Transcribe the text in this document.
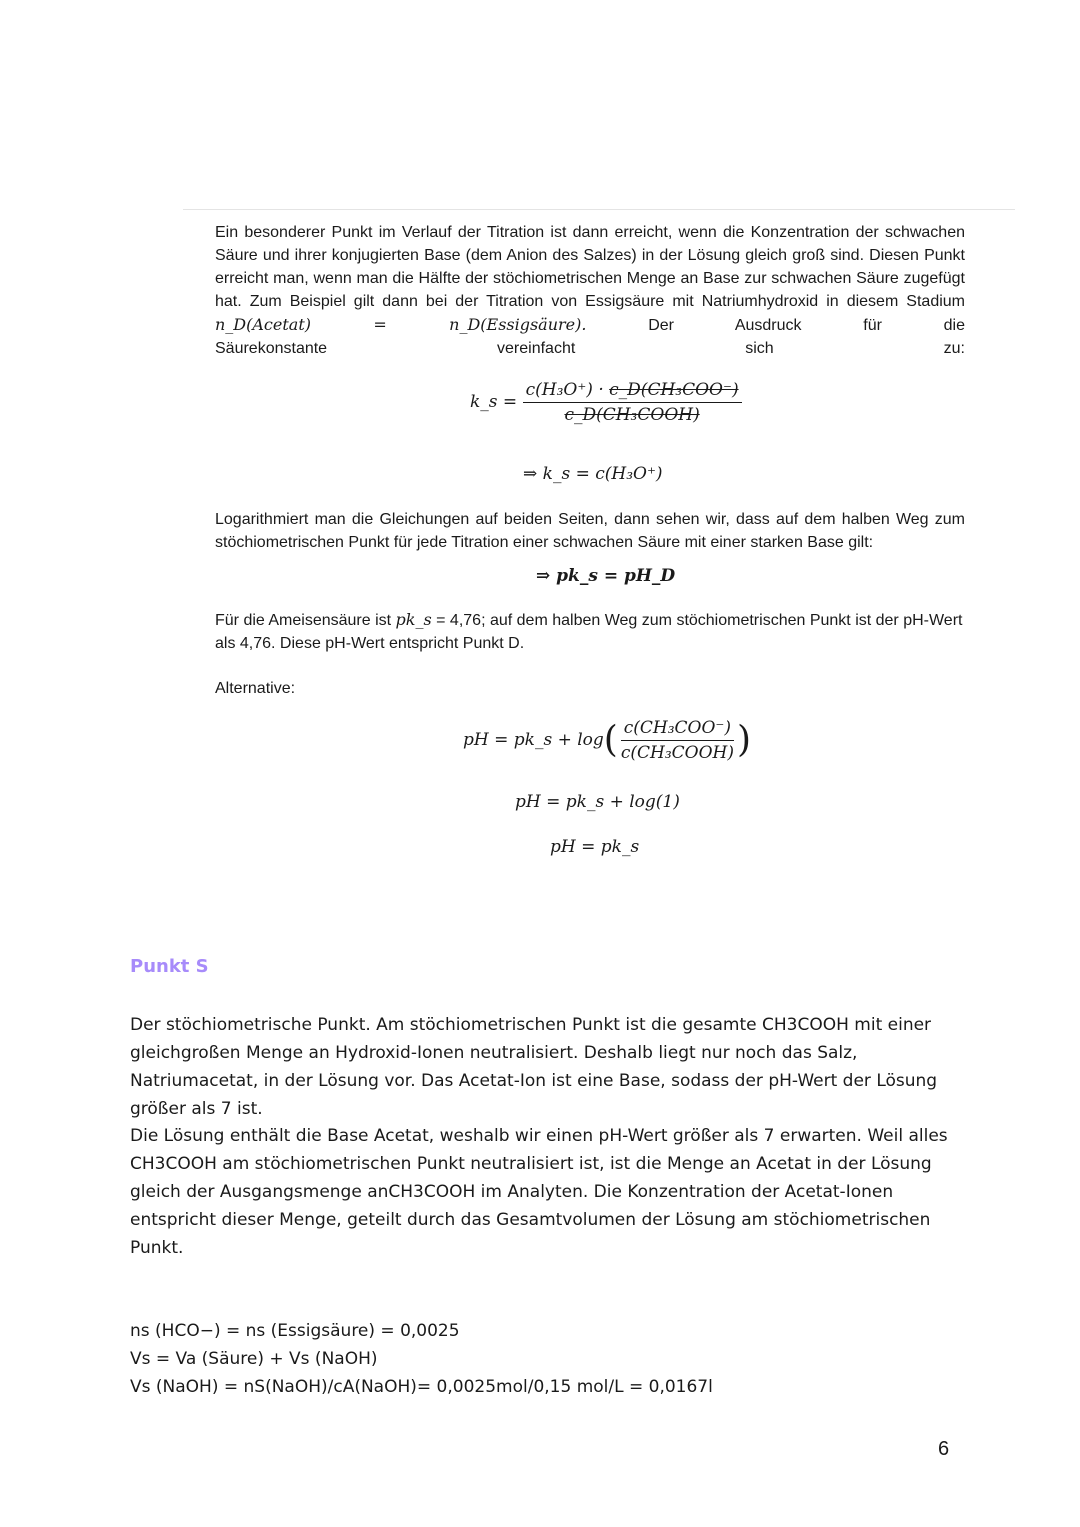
Ein besonderer Punkt im Verlauf der Titration ist dann erreicht, wenn die Konzentration der schwachen Säure und ihrer konjugierten Base (dem Anion des Salzes) in der Lösung gleich groß sind. Diesen Punkt erreicht man, wenn man die Hälfte der stöchiometrischen Menge an Base zur schwachen Säure zugefügt hat. Zum Beispiel gilt dann bei der Titration von Essigsäure mit Natriumhydroxid in diesem Stadium n_D(Acetat) = n_D(Essigsäure).	Der Ausdruck für die
Säurekonstante	vereinfacht	sich	zu:
k_s = $\frac{\text{c(H₃O⁺) · c\_D(CH₃COO⁻)}}{\text{c\_D(CH₃COOH)}}$
⇒ k_s = c(H₃O⁺)
Logarithmiert man die Gleichungen auf beiden Seiten, dann sehen wir, dass auf dem halben Weg zum stöchiometrischen Punkt für jede Titration einer schwachen Säure mit einer starken Base gilt:
⇒ pk_s = pH_D
Für die Ameisensäure ist pk_s = 4,76; auf dem halben Weg zum stöchiometrischen Punkt ist der pH-Wert als 4,76. Diese pH-Wert entspricht Punkt D.
Alternative:
pH = pk_s + $\log( \frac{\text{c(CH₃COO⁻)}}{\text{c(CH₃COOH)}}$ )
pH = pk_s + log(1)
pH = pk_s
Punkt S
Der stöchiometrische Punkt. Am stöchiometrischen Punkt ist die gesamte CH3COOH mit einer gleichgroßen Menge an Hydroxid-Ionen neutralisiert. Deshalb liegt nur noch das Salz, Natriumacetat, in der Lösung vor. Das Acetat-Ion ist eine Base, sodass der pH-Wert der Lösung größer als 7 ist.
Die Lösung enthält die Base Acetat, weshalb wir einen pH-Wert größer als 7 erwarten. Weil alles CH3COOH am stöchiometrischen Punkt neutralisiert ist, ist die Menge an Acetat in der Lösung gleich der Ausgangsmenge anCH3COOH im Analyten. Die Konzentration der Acetat-Ionen entspricht dieser Menge, geteilt durch das Gesamtvolumen der Lösung am stöchiometrischen Punkt.
ns (HCO−) = ns (Essigsäure) = 0,0025
Vs = Va (Säure) + Vs (NaOH)
Vs (NaOH) = nS(NaOH)/cA(NaOH)= 0,0025mol/0,15 mol/L = 0,0167l
6
